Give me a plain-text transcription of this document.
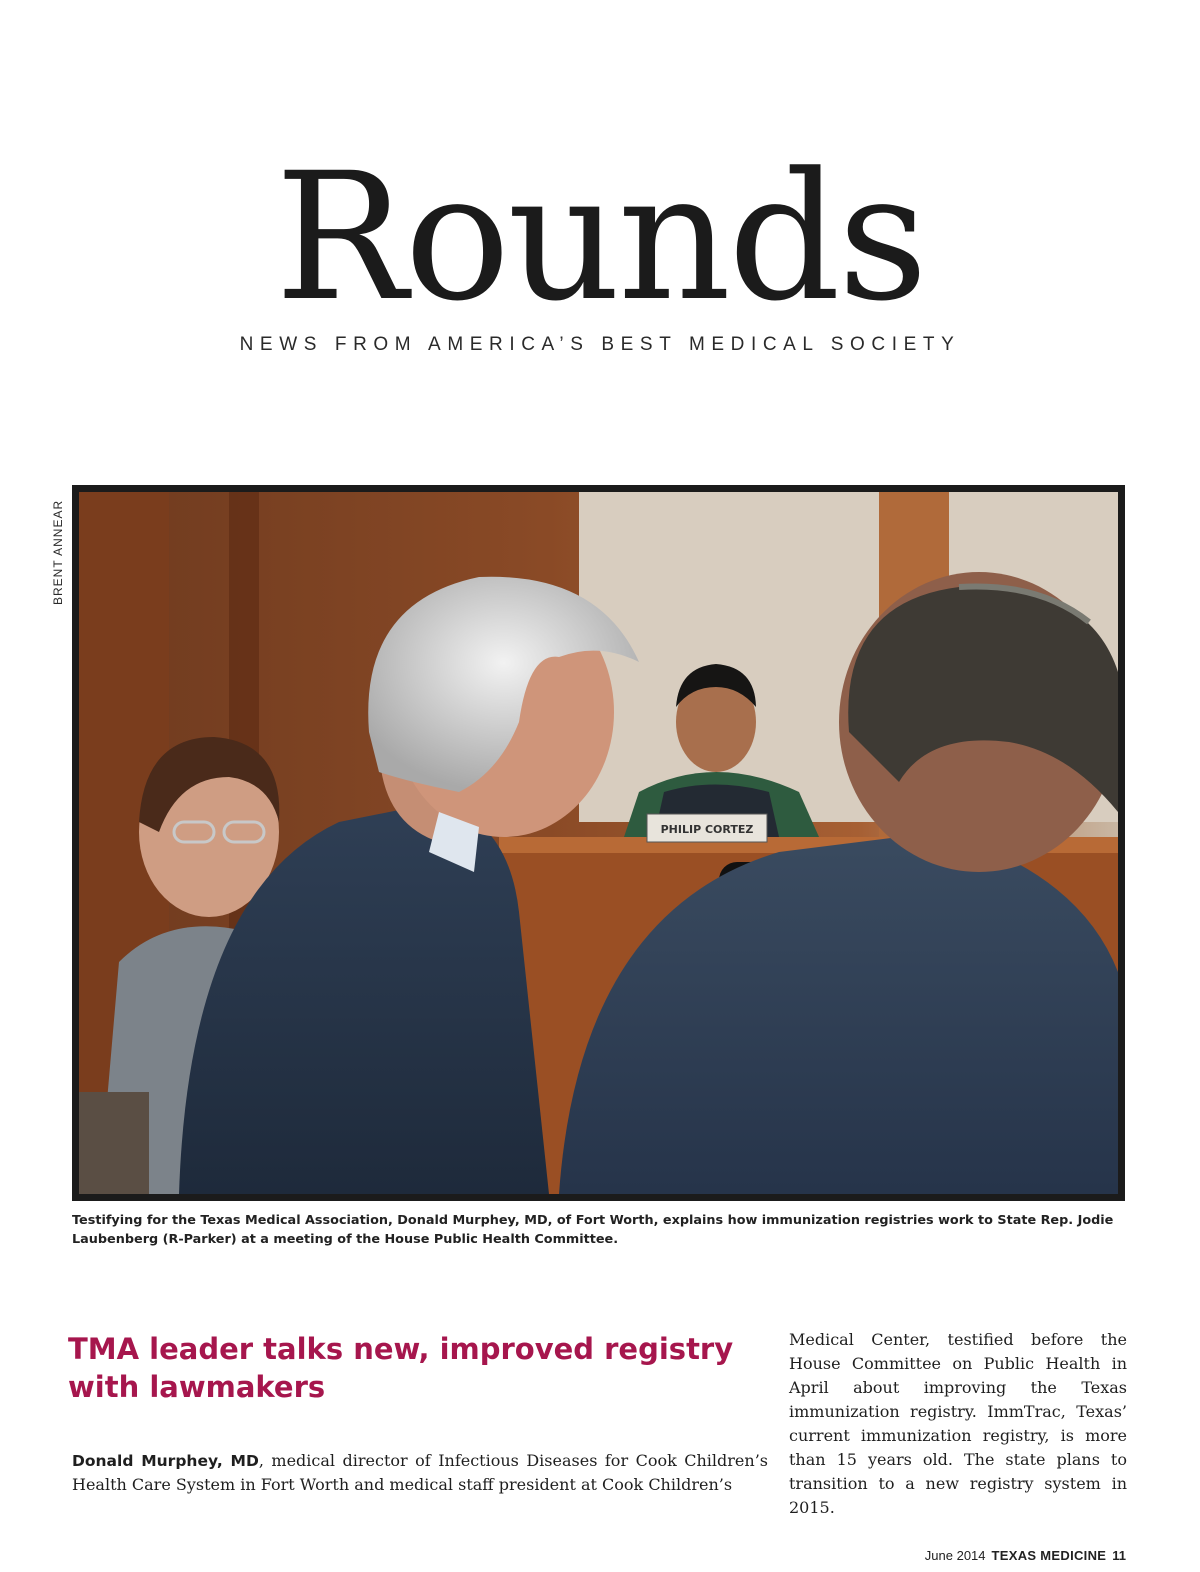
Rounds
NEWS FROM AMERICA’S BEST MEDICAL SOCIETY
BRENT ANNEAR
PHILIP CORTEZ
Testifying for the Texas Medical Association, Donald Murphey, MD, of Fort Worth, explains how immunization registries work to State Rep. Jodie Laubenberg (R-Parker) at a meeting of the House Public Health Committee.
TMA leader talks new, improved registry with lawmakers

Donald Murphey, MD, medical director of Infectious Diseases for Cook Children’s Health Care System in Fort Worth and medical staff president at Cook Children’s

Medical Center, testified before the House Committee on Public Health in April about improving the Texas immunization registry. ImmTrac, Texas’ current immunization registry, is more than 15 years old. The state plans to transition to a new registry system in 2015.

June 2014 TEXAS MEDICINE 11
